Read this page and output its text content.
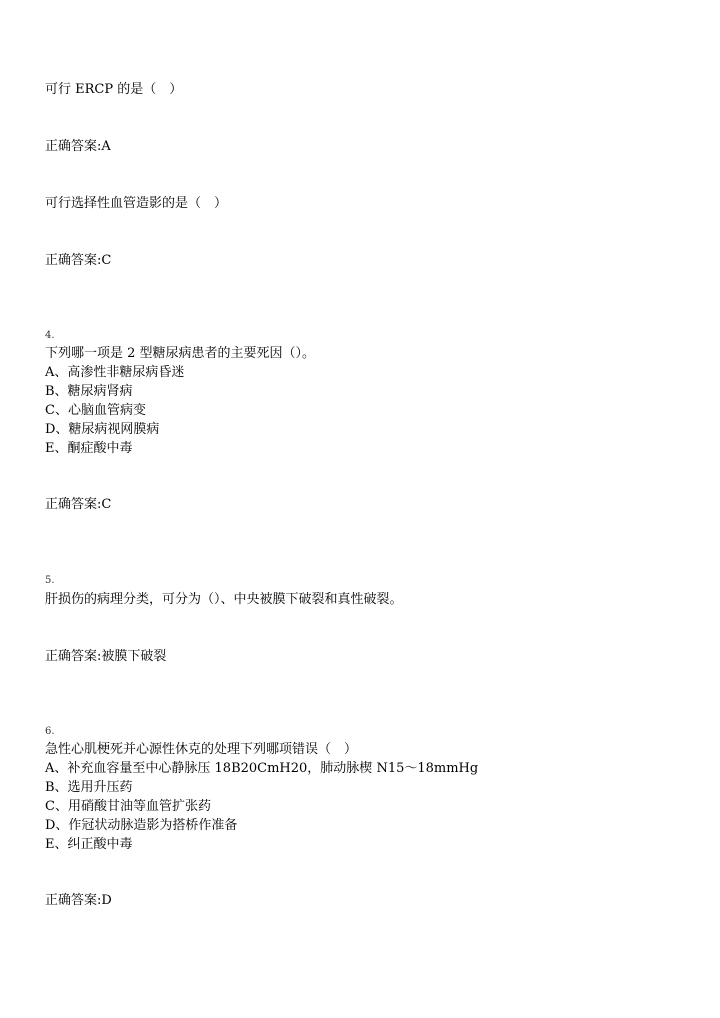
可行 ERCP 的是（　）
正确答案:A
可行选择性血管造影的是（　）
正确答案:C
4.
下列哪一项是 2 型糖尿病患者的主要死因（）。
A、高渗性非糖尿病昏迷
B、糖尿病肾病
C、心脑血管病变
D、糖尿病视网膜病
E、酮症酸中毒
正确答案:C
5.
肝损伤的病理分类，可分为（）、中央被膜下破裂和真性破裂。
正确答案:被膜下破裂
6.
急性心肌梗死并心源性休克的处理下列哪项错误（　）
A、补充血容量至中心静脉压 18B20CmH20，肺动脉楔 N15～18mmHg
B、选用升压药
C、用硝酸甘油等血管扩张药
D、作冠状动脉造影为搭桥作准备
E、纠正酸中毒
正确答案:D
